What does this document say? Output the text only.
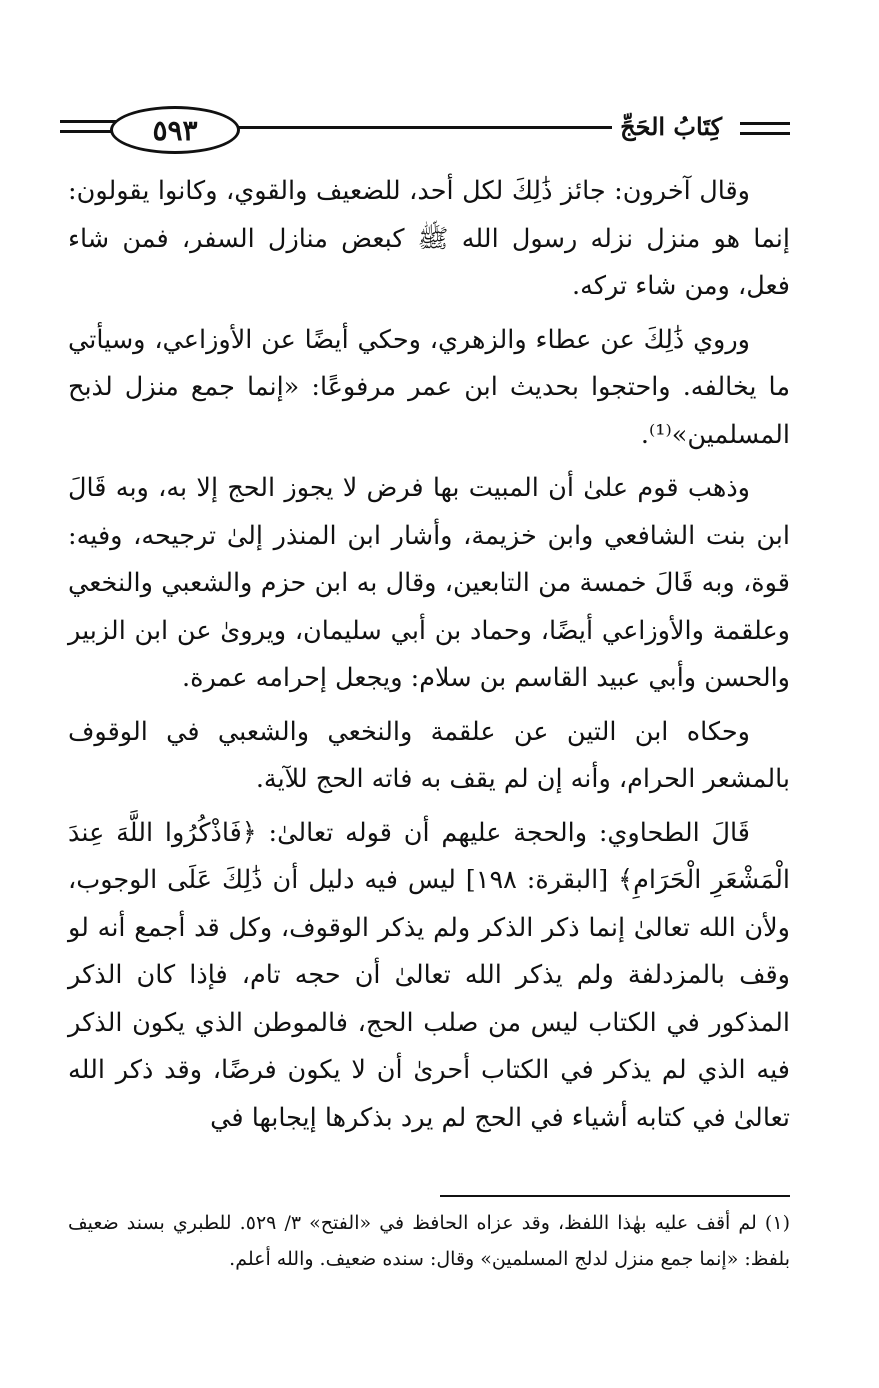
٥٩٣	كِتَابُ الحَجِّ

وقال آخرون: جائز ذَٰلِكَ لكل أحد، للضعيف والقوي، وكانوا يقولون: إنما هو منزل نزله رسول الله ﷺ كبعض منازل السفر، فمن شاء فعل، ومن شاء تركه.

وروي ذَٰلِكَ عن عطاء والزهري، وحكي أيضًا عن الأوزاعي، وسيأتي ما يخالفه. واحتجوا بحديث ابن عمر مرفوعًا: «إنما جمع منزل لذبح المسلمين»⁽¹⁾.

وذهب قوم علىٰ أن المبيت بها فرض لا يجوز الحج إلا به، وبه قَالَ ابن بنت الشافعي وابن خزيمة، وأشار ابن المنذر إلىٰ ترجيحه، وفيه: قوة، وبه قَالَ خمسة من التابعين، وقال به ابن حزم والشعبي والنخعي وعلقمة والأوزاعي أيضًا، وحماد بن أبي سليمان، ويروىٰ عن ابن الزبير والحسن وأبي عبيد القاسم بن سلام: ويجعل إحرامه عمرة.

وحكاه ابن التين عن علقمة والنخعي والشعبي في الوقوف بالمشعر الحرام، وأنه إن لم يقف به فاته الحج للآية.

قَالَ الطحاوي: والحجة عليهم أن قوله تعالىٰ: ﴿فَاذْكُرُوا اللَّهَ عِندَ الْمَشْعَرِ الْحَرَامِ﴾ [البقرة: ١٩٨] ليس فيه دليل أن ذَٰلِكَ عَلَى الوجوب، ولأن الله تعالىٰ إنما ذكر الذكر ولم يذكر الوقوف، وكل قد أجمع أنه لو وقف بالمزدلفة ولم يذكر الله تعالىٰ أن حجه تام، فإذا كان الذكر المذكور في الكتاب ليس من صلب الحج، فالموطن الذي يكون الذكر فيه الذي لم يذكر في الكتاب أحرىٰ أن لا يكون فرضًا، وقد ذكر الله تعالىٰ في كتابه أشياء في الحج لم يرد بذكرها إيجابها في

(١) لم أقف عليه بهٰذا اللفظ، وقد عزاه الحافظ في «الفتح» ٣/ ٥٢٩. للطبري بسند ضعيف بلفظ: «إنما جمع منزل لدلج المسلمين» وقال: سنده ضعيف. والله أعلم.
